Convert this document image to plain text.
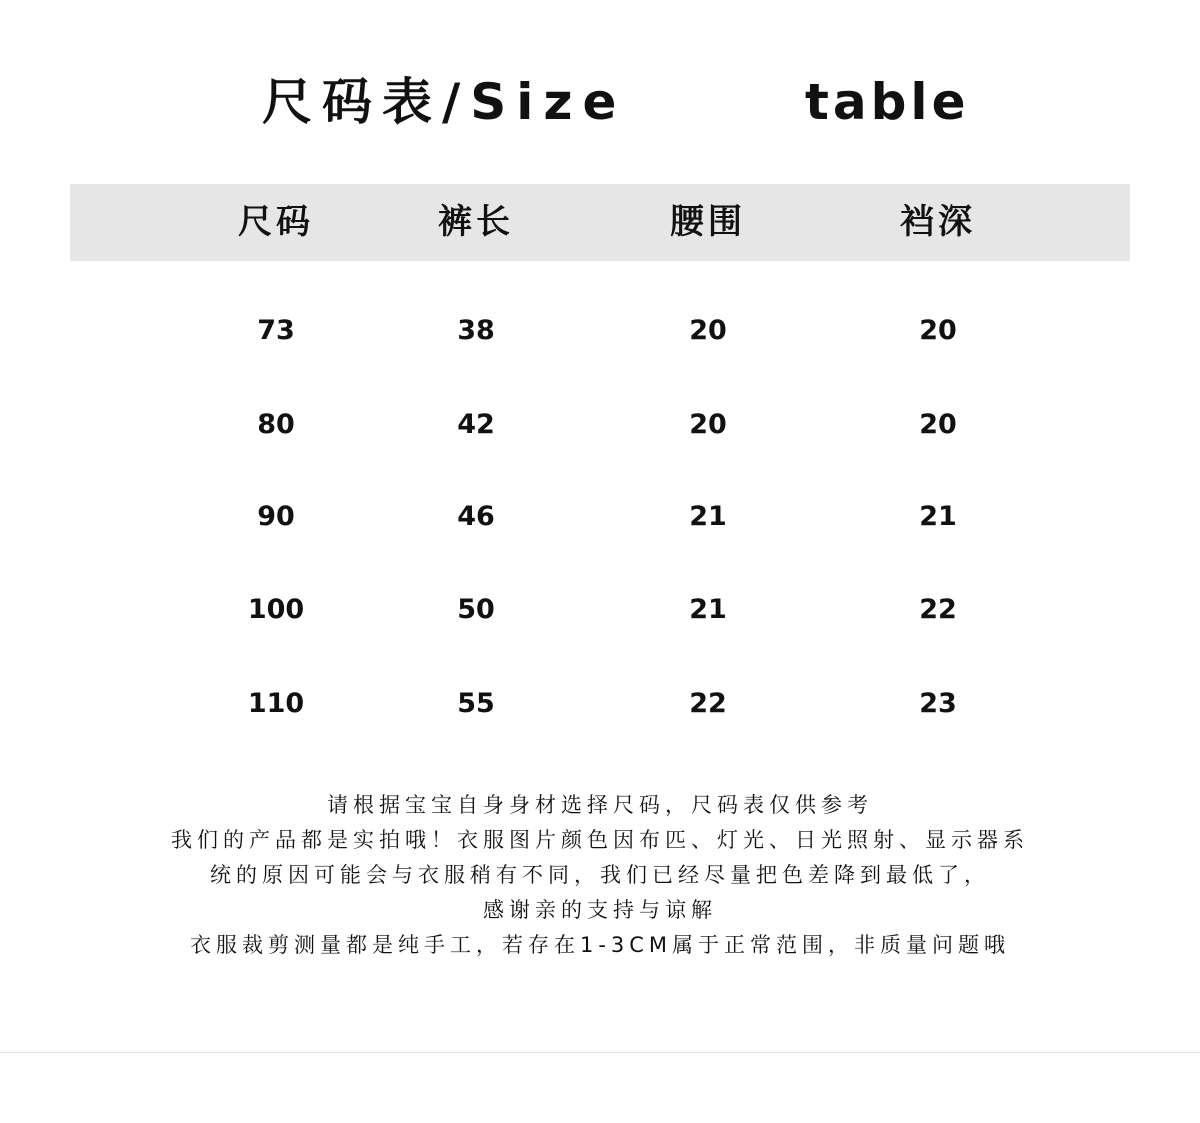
尺码表/Size	table
尺码	裤长	腰围	裆深
73	38	20	20
80	42	20	20
90	46	21	21
100	50	21	22
110	55	22	23
请根据宝宝自身身材选择尺码，尺码表仅供参考
我们的产品都是实拍哦！衣服图片颜色因布匹、灯光、日光照射、显示器系
统的原因可能会与衣服稍有不同，我们已经尽量把色差降到最低了，
感谢亲的支持与谅解
衣服裁剪测量都是纯手工，若存在1-3CM属于正常范围，非质量问题哦
